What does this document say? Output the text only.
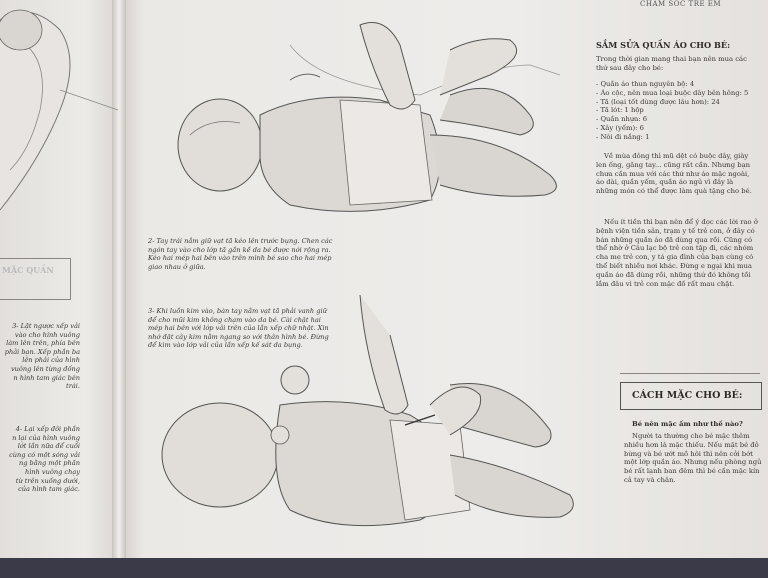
MẶC QUẦN
3- Lật ngược xếp vải
vào cho hình vuông
làm lên trên, phía bên
phải bạn. Xếp phần ba
lên phải của hình
vuông lên từng đống
n hình tam giác bên
trái.
4- Lại xếp đôi phần
n lại của hình vuông
lớt lần nữa để cuối
cùng có một sóng vải
ng bằng một phần
hình vuông chạy
từ trên xuống dưới,
của hình tam giác.
CHĂM SÓC TRẺ EM
2- Tay trái nắm giữ vạt tã kéo lên trước bụng. Chen các ngón tay vào cho lớp tã gần kề da bé được nới rộng ra. Kéo hai mép hai bên vào trên mình bé sao cho hai mép giao nhau ở giữa.
3- Khi luồn kim vào, bàn tay nắm vạt tã phải vanh giữ để cho mũi kim không chạm vào da bé. Cài chặt hai mép hai bên với lớp vải trên của lần xếp chữ nhật. Xin nhớ đặt cây kim nằm ngang so với thân hình bé. Đừng để kim vào lớp vải của lần xếp kế sát da bụng.
SẮM SỬA QUẦN ÁO CHO BÉ:
Trong thời gian mang thai bạn nên mua các thứ sau đây cho bé:
- Quần áo thun nguyên bộ: 4
- Áo cộc, nên mua loại buộc dây bên hông: 5
- Tã (loại tốt dùng được lâu hơn): 24
- Tã lót: 1 hộp
- Quần nhựa: 6
- Xây (yếm): 6
- Nôi đi nắng: 1
Về mùa đông thì mũ dệt có buộc dây, giày len ống, găng tay... cũng rất cần. Nhưng bạn chưa cần mua với các thứ như áo mặc ngoài, áo dài, quần yếm, quần áo ngủ vì đây là những món có thể được làm quà tặng cho bé.
Nếu ít tiền thì bạn nên để ý đọc các lời rao ở bệnh viện tiền sản, trạm y tế trẻ con, ở đây có bán những quần áo đã dùng qua rồi. Cũng có thể nhờ ở Câu lạc bộ trẻ con tập đi, các nhóm cha mẹ trẻ con, y tá gia đình của bạn cùng có thể biết nhiều nơi khác. Đừng e ngại khi mua quần áo đã dùng rồi, những thứ đó không tồi lắm đâu vì trẻ con mặc đồ rất mau chật.
CÁCH MẶC CHO BÉ:
Bé nên mặc ấm như thế nào?
Người ta thường cho bé mặc thêm nhiều hơn là mặc thiếu. Nếu mặt bé đỏ bừng và bé ướt mồ hôi thì nên cởi bớt một lớp quần áo. Nhưng nếu phòng ngủ bé rất lạnh ban đêm thì bé cần mặc kín cả tay và chân.
